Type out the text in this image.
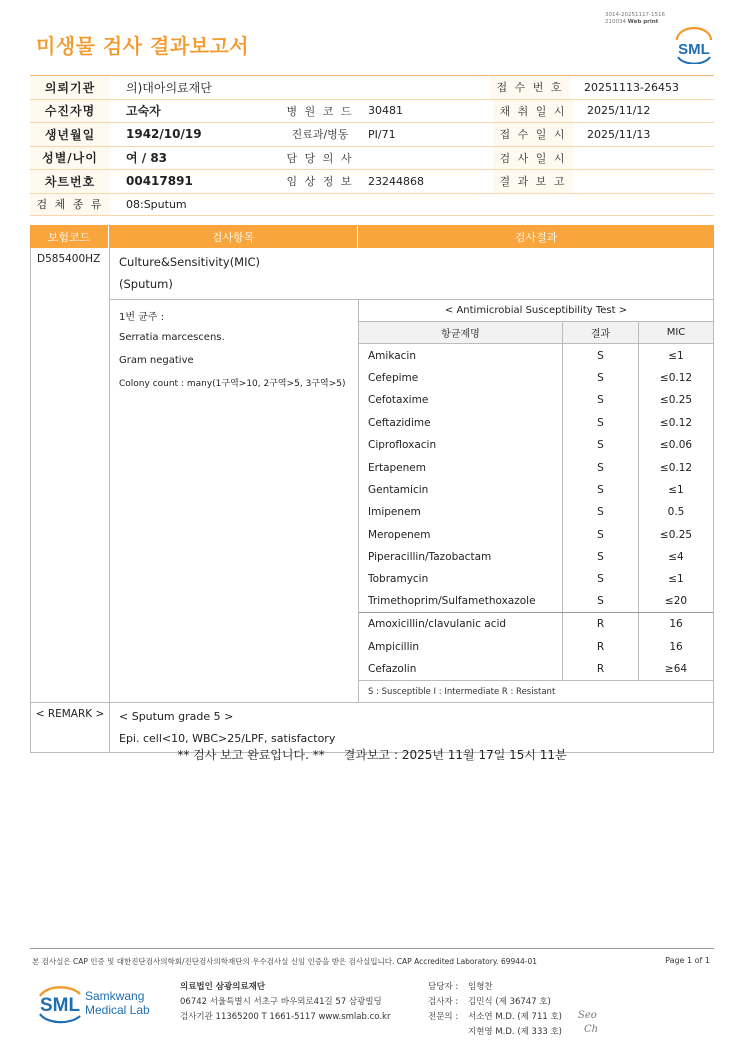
3014-20251117-1516
210034 Web print
미생물 검사 결과보고서	SML
의뢰기관	의)대아의료재단	접 수 번 호	20251113-26453
수진자명	고숙자	병 원 코 드	30481	채 취 일 시	2025/11/12
생년월일	1942/10/19	진료과/병동	PI/71	접 수 일 시	2025/11/13
성별/나이	여 / 83	담 당 의 사	검 사 일 시
차트번호	00417891	임 상 정 보	23244868	결 과 보 고
검 체 종 류	08:Sputum
보험코드	검사항목	검사결과
D585400HZ	Culture&Sensitivity(MIC)
(Sputum)
1번 균주 :
Serratia marcescens.
Gram negative
Colony count : many(1구역>10, 2구역>5, 3구역>5)
< Antimicrobial Susceptibility Test >
항균제명	결과	MIC
Amikacin	S	≤1
Cefepime	S	≤0.12
Cefotaxime	S	≤0.25
Ceftazidime	S	≤0.12
Ciprofloxacin	S	≤0.06
Ertapenem	S	≤0.12
Gentamicin	S	≤1
Imipenem	S	0.5
Meropenem	S	≤0.25
Piperacillin/Tazobactam	S	≤4
Tobramycin	S	≤1
Trimethoprim/Sulfamethoxazole	S	≤20
Amoxicillin/clavulanic acid	R	16
Ampicillin	R	16
Cefazolin	R	≥64
S : Susceptible I : Intermediate R : Resistant
< REMARK >	< Sputum grade 5 >
Epi. cell<10, WBC>25/LPF, satisfactory
** 검사 보고 완료입니다. **     결과보고 : 2025년 11월 17일 15시 11분
본 검사실은 CAP 인증 및 대한진단검사의학회/진단검사의학재단의 우수검사실 신임 인증을 받은 검사실입니다. CAP Accredited Laboratory. 69944-01	Page 1 of 1
SML Samkwang
Medical Lab
의료법인 삼광의료재단
06742 서울특별시 서초구 바우뫼로41길 57 삼광빌딩
검사기관 11365200 T 1661-5117 www.smlab.co.kr
담당자 :	임형찬
검사자 :	김민식 (제 36747 호)
전문의 :	서소연 M.D. (제 711 호)
지현영 M.D. (제 333 호)
Seo
Ch
